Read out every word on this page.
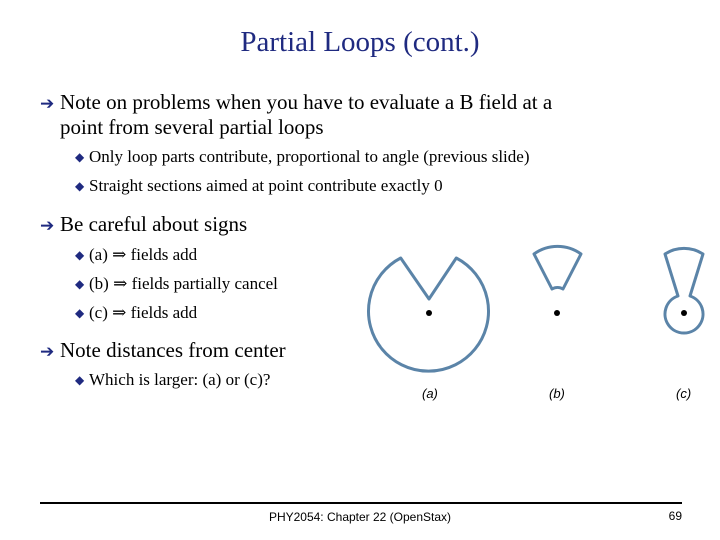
Partial Loops (cont.)
➔ Note on problems when you have to evaluate a B field at a
point from several partial loops
◆ Only loop parts contribute, proportional to angle (previous slide)
◆ Straight sections aimed at point contribute exactly 0
➔ Be careful about signs
◆ (a) ⇒ fields add
◆ (b) ⇒ fields partially cancel
◆ (c) ⇒ fields add
➔ Note distances from center
◆ Which is larger: (a) or (c)?
(a)	(b)	(c)
PHY2054: Chapter 22 (OpenStax)	69
